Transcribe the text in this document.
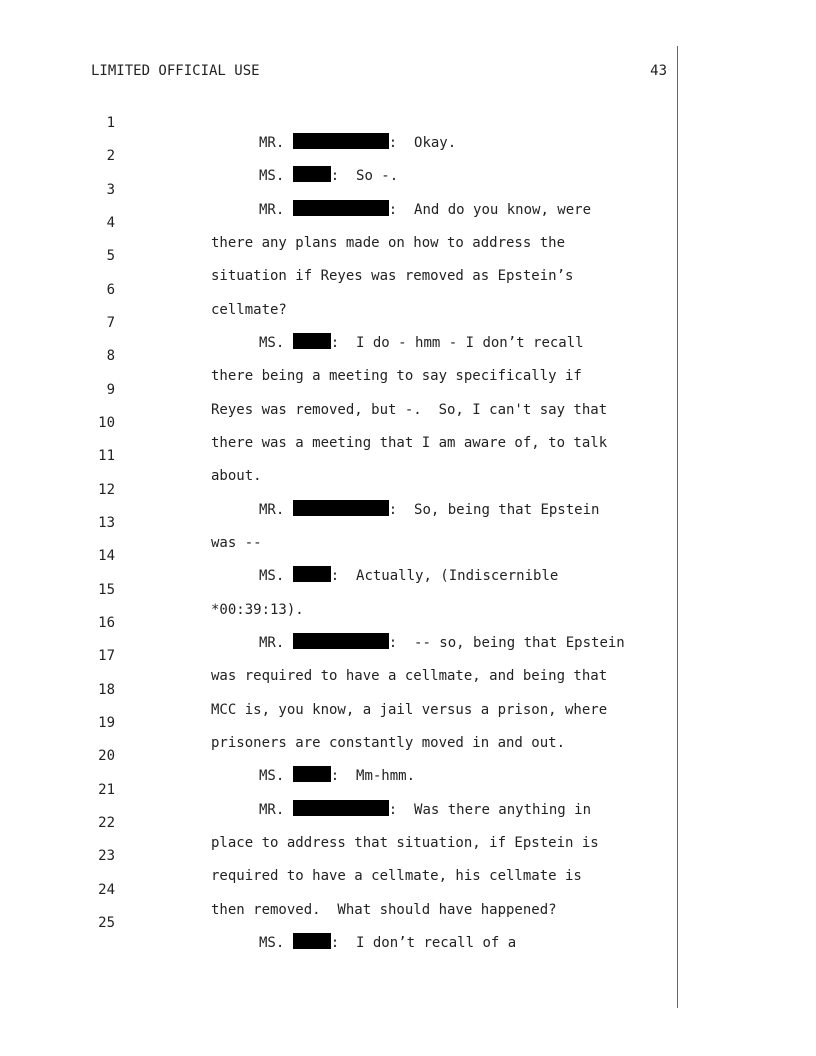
LIMITED OFFICIAL USE	43

1

MR.	:  Okay.

2

MS.	:  So -.

3

MR.	:  And do you know, were

4

there any plans made on how to address the

5

situation if Reyes was removed as Epstein’s

6

cellmate?

7

MS.	:  I do - hmm - I don’t recall

8

there being a meeting to say specifically if

9

Reyes was removed, but -.  So, I can't say that

10

there was a meeting that I am aware of, to talk

11

about.

12

MR.	:  So, being that Epstein

13

was --

14

MS.	:  Actually, (Indiscernible

15

*00:39:13).

16

MR.	:  -- so, being that Epstein

17

was required to have a cellmate, and being that

18

MCC is, you know, a jail versus a prison, where

19

prisoners are constantly moved in and out.

20

MS.	:  Mm-hmm.

21

MR.	:  Was there anything in

22

place to address that situation, if Epstein is

23

required to have a cellmate, his cellmate is

24

then removed.  What should have happened?

25

MS.	:  I don’t recall of a
